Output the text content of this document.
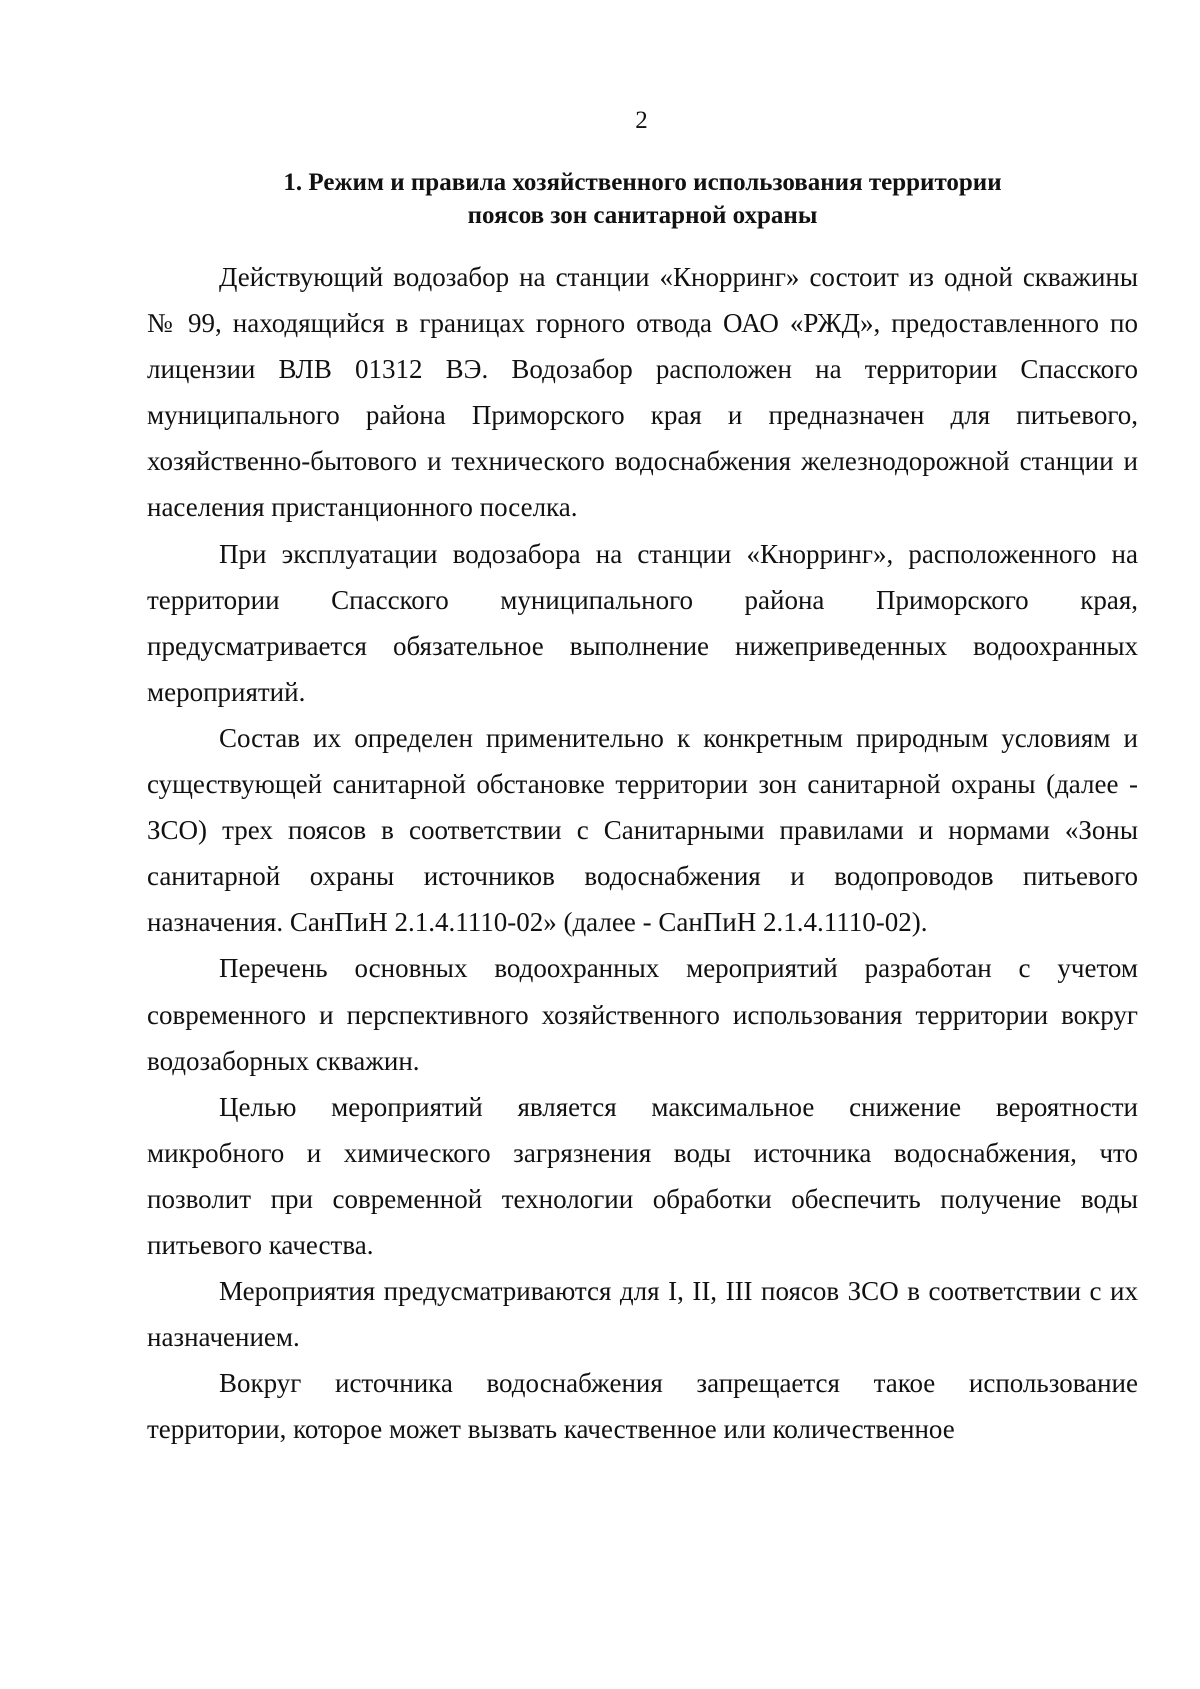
2
1. Режим и правила хозяйственного использования территории
поясов зон санитарной охраны

Действующий водозабор на станции «Кнорринг» состоит из одной скважины № 99, находящийся в границах горного отвода ОАО «РЖД», предоставленного по лицензии ВЛВ 01312 ВЭ. Водозабор расположен на территории Спасского муниципального района Приморского края и предназначен для питьевого, хозяйственно-бытового и технического водоснабжения железнодорожной станции и населения пристанционного поселка.

При эксплуатации водозабора на станции «Кнорринг», расположенного на территории Спасского муниципального района Приморского края, предусматривается обязательное выполнение нижеприведенных водоохранных мероприятий.

Состав их определен применительно к конкретным природным условиям и существующей санитарной обстановке территории зон санитарной охраны (далее - ЗСО) трех поясов в соответствии с Санитарными правилами и нормами «Зоны санитарной охраны источников водоснабжения и водопроводов питьевого назначения. СанПиН 2.1.4.1110-02» (далее - СанПиН 2.1.4.1110-02).

Перечень основных водоохранных мероприятий разработан с учетом современного и перспективного хозяйственного использования территории вокруг водозаборных скважин.

Целью мероприятий является максимальное снижение вероятности микробного и химического загрязнения воды источника водоснабжения, что позволит при современной технологии обработки обеспечить получение воды питьевого качества.

Мероприятия предусматриваются для I, II, III поясов ЗСО в соответствии с их назначением.

Вокруг источника водоснабжения запрещается такое использование территории, которое может вызвать качественное или количественное
